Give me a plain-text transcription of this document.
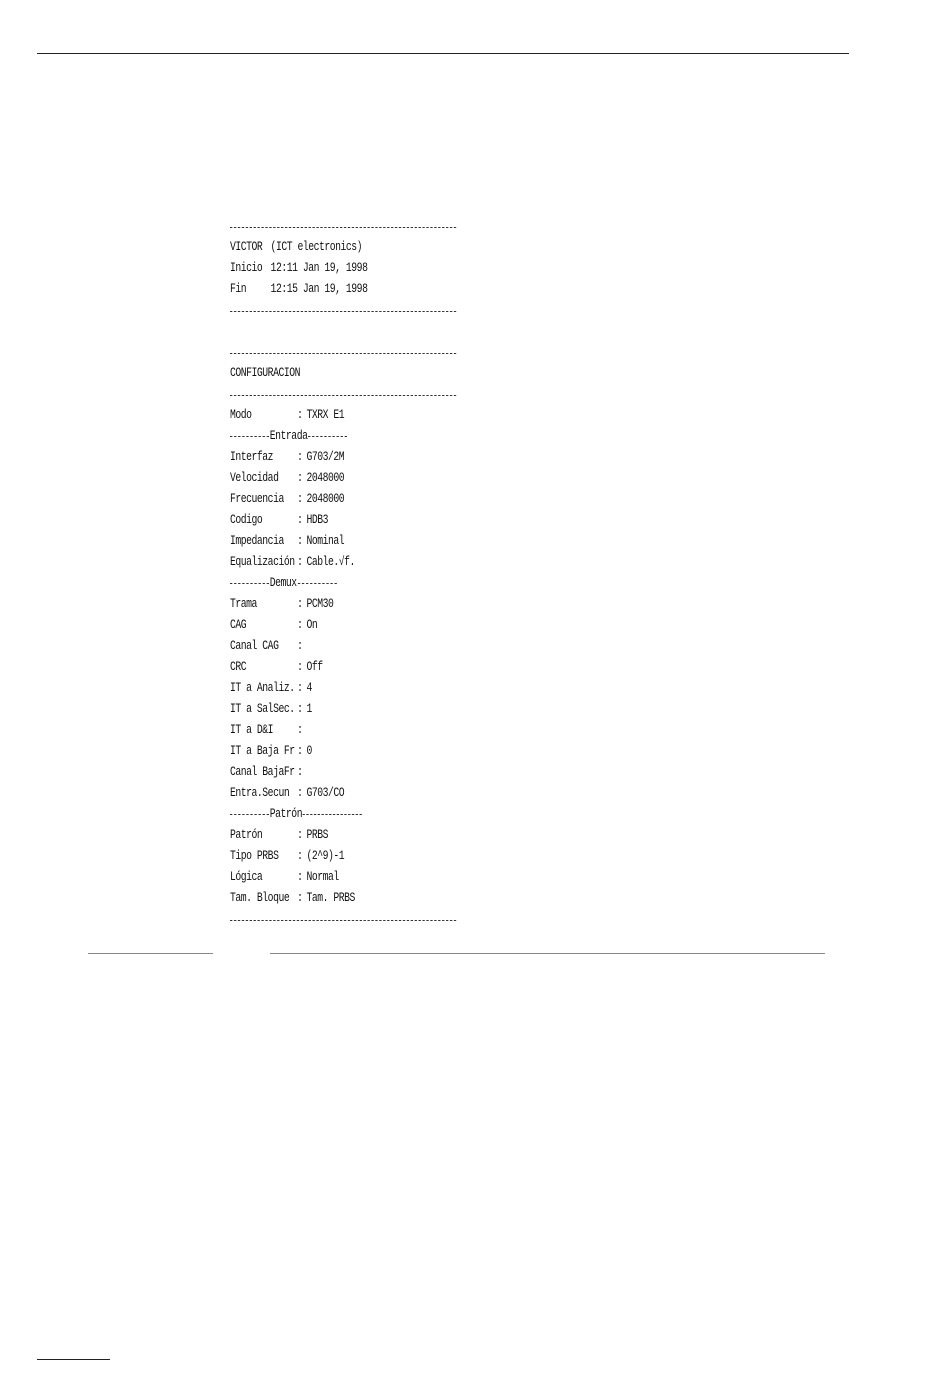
VICTOR (ICT electronics)
Inicio 12:11 Jan 19, 1998
Fin 12:15 Jan 19, 1998
CONFIGURACION
Modo	: TXRX E1
Entrada
Interfaz : G703/2M
Velocidad : 2048000
Frecuencia : 2048000
Codigo	: HDB3
Impedancia : Nominal
Equalización : Cable.√f.
Demux
Trama	: PCM30
CAG	: On
Canal CAG :
CRC	: Off
IT a Analiz. : 4
IT a SalSec. : 1
IT a D&I :
IT a Baja Fr : 0
Canal BajaFr :
Entra.Secun : G703/CO
Patrón
Patrón	: PRBS
Tipo PRBS : (2^9)-1
Lógica	: Normal
Tam. Bloque : Tam. PRBS
